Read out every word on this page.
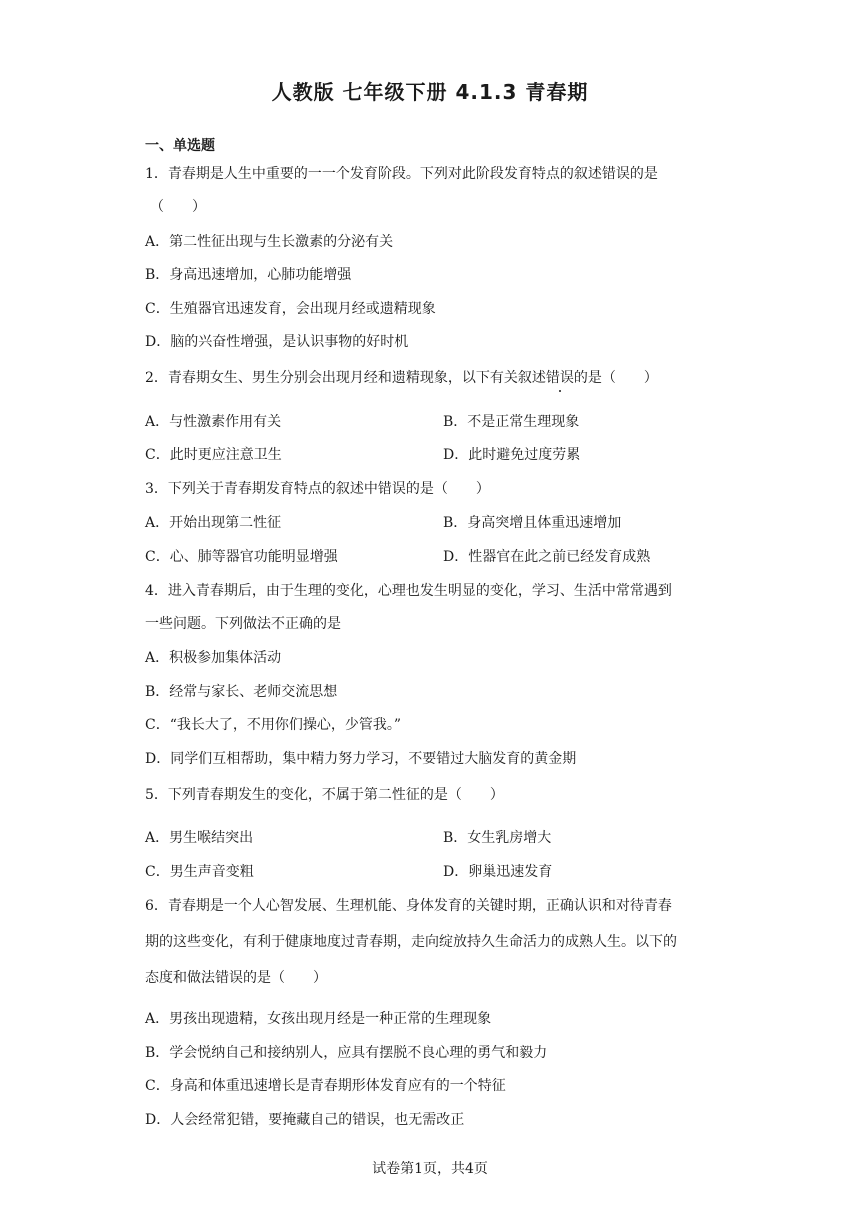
人教版 七年级下册 4.1.3 青春期
一、单选题
1．青春期是人生中重要的一一个发育阶段。下列对此阶段发育特点的叙述错误的是
（　　）
A．第二性征出现与生长激素的分泌有关
B．身高迅速增加，心肺功能增强
C．生殖器官迅速发育，会出现月经或遗精现象
D．脑的兴奋性增强，是认识事物的好时机
2．青春期女生、男生分别会出现月经和遗精现象，以下有关叙述错误的是（　　）
A．与性激素作用有关	B．不是正常生理现象
C．此时更应注意卫生	D．此时避免过度劳累
3．下列关于青春期发育特点的叙述中错误的是（　　）
A．开始出现第二性征	B．身高突增且体重迅速增加
C．心、肺等器官功能明显增强	D．性器官在此之前已经发育成熟
4．进入青春期后，由于生理的变化，心理也发生明显的变化，学习、生活中常常遇到
一些问题。下列做法不正确的是
A．积极参加集体活动
B．经常与家长、老师交流思想
C．“我长大了，不用你们操心，少管我。”
D．同学们互相帮助，集中精力努力学习，不要错过大脑发育的黄金期
5．下列青春期发生的变化，不属于第二性征的是（　　）
A．男生喉结突出	B．女生乳房增大
C．男生声音变粗	D．卵巢迅速发育
6．青春期是一个人心智发展、生理机能、身体发育的关键时期，正确认识和对待青春
期的这些变化，有利于健康地度过青春期，走向绽放持久生命活力的成熟人生。以下的
态度和做法错误的是（　　）
A．男孩出现遗精，女孩出现月经是一种正常的生理现象
B．学会悦纳自己和接纳别人，应具有摆脱不良心理的勇气和毅力
C．身高和体重迅速增长是青春期形体发育应有的一个特征
D．人会经常犯错，要掩藏自己的错误，也无需改正
试卷第1页，共4页
